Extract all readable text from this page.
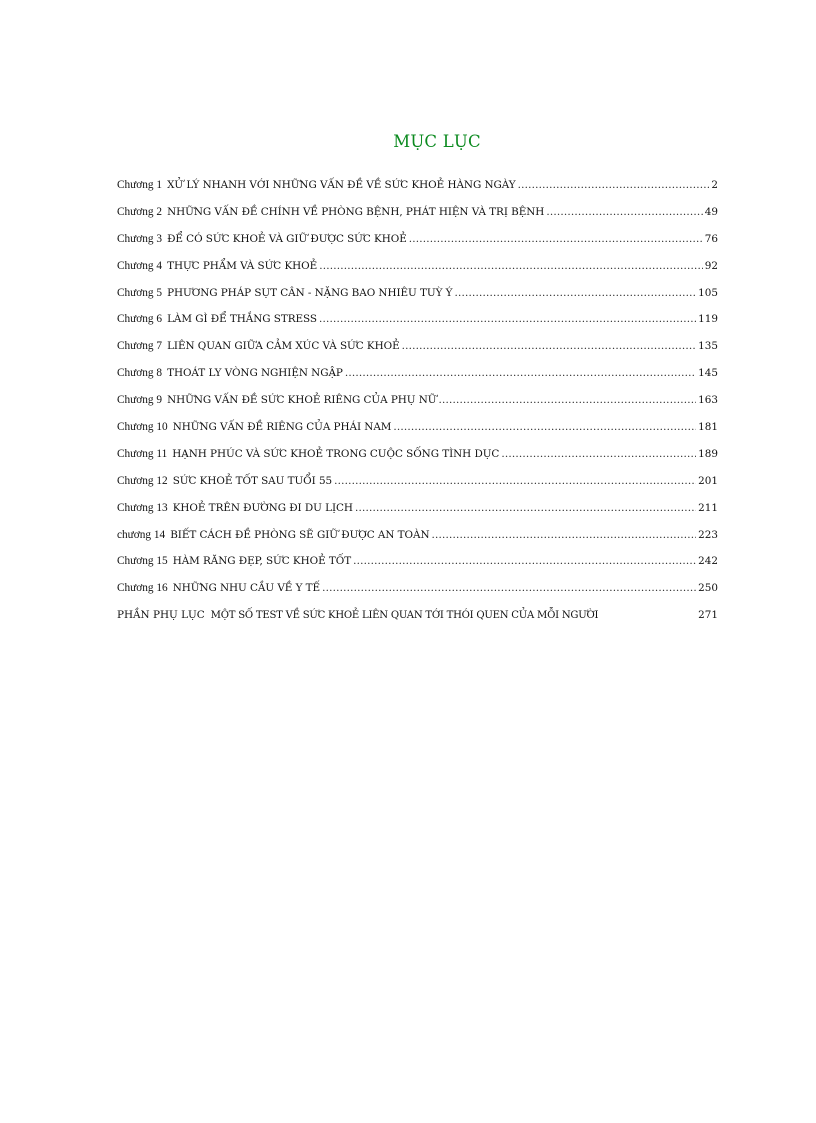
MỤC LỤC
Chương 1 XỬ LÝ NHANH VỚI NHỮNG VẤN ĐỀ VỀ SỨC KHOẺ HÀNG NGÀY .....	2
Chương 2 NHỮNG VẤN ĐỀ CHÍNH VỀ PHÒNG BỆNH, PHÁT HIỆN VÀ TRỊ BỆNH .....	49
Chương 3 ĐỂ CÓ SỨC KHOẺ VÀ GIỮ ĐƯỢC SỨC KHOẺ .....	76
Chương 4 THỰC PHẨM VÀ SỨC KHOẺ .....	92
Chương 5 PHƯƠNG PHÁP SỤT CÂN - NẶNG BAO NHIÊU TUỲ Ý .....	105
Chương 6 LÀM GÌ ĐỂ THẮNG STRESS .....	119
Chương 7 LIÊN QUAN GIỮA CẢM XÚC VÀ SỨC KHOẺ .....	135
Chương 8 THOÁT LY VÒNG NGHIỆN NGẬP .....	145
Chương 9 NHỮNG VẤN ĐỀ SỨC KHOẺ RIÊNG CỦA PHỤ NỮ .....	163
Chương 10 NHỮNG VẤN ĐỀ RIÊNG CỦA PHÁI NAM .....	181
Chương 11 HẠNH PHÚC VÀ SỨC KHOẺ TRONG CUỘC SỐNG TÌNH DỤC .....	189
Chương 12 SỨC KHOẺ TỐT SAU TUỔI 55 .....	201
Chương 13 KHOẺ TRÊN ĐƯỜNG ĐI DU LỊCH .....	211
chương 14 BIẾT CÁCH ĐỀ PHÒNG SẼ GIỮ ĐƯỢC AN TOÀN .....	223
Chương 15 HÀM RĂNG ĐẸP, SỨC KHOẺ TỐT .....	242
Chương 16 NHỮNG NHU CẦU VỀ Y TẾ .....	250
PHẦN PHỤ LỤC MỘT SỐ TEST VỀ SỨC KHOẺ LIÊN QUAN TỚI THÓI QUEN CỦA MỖI NGƯỜI	271
